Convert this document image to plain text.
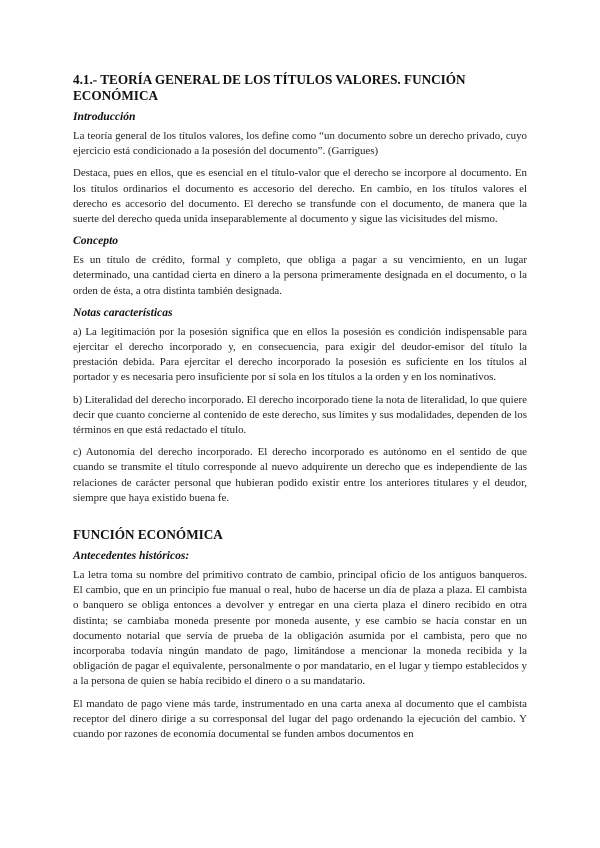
4.1.- TEORÍA GENERAL DE LOS TÍTULOS VALORES. FUNCIÓN ECONÓMICA
Introducción

La teoría general de los títulos valores, los define como “un documento sobre un derecho privado, cuyo ejercicio está condicionado a la posesión del documento”. (Garrigues)

Destaca, pues en ellos, que es esencial en el título-valor que el derecho se incorpore al documento. En los títulos ordinarios el documento es accesorio del derecho. En cambio, en los títulos valores el derecho es accesorio del documento. El derecho se transfunde con el documento, de manera que la suerte del derecho queda unida inseparablemente al documento y sigue las vicisitudes del mismo.

Concepto

Es un título de crédito, formal y completo, que obliga a pagar a su vencimiento, en un lugar determinado, una cantidad cierta en dinero a la persona primeramente designada en el documento, o la orden de ésta, a otra distinta también designada.

Notas características

a) La legitimación por la posesión significa que en ellos la posesión es condición indispensable para ejercitar el derecho incorporado y, en consecuencia, para exigir del deudor-emisor del título la prestación debida. Para ejercitar el derecho incorporado la posesión es suficiente en los títulos al portador y es necesaria pero insuficiente por sí sola en los títulos a la orden y en los nominativos.

b) Literalidad del derecho incorporado. El derecho incorporado tiene la nota de literalidad, lo que quiere decir que cuanto concierne al contenido de este derecho, sus límites y sus modalidades, dependen de los términos en que está redactado el título.

c) Autonomía del derecho incorporado. El derecho incorporado es autónomo en el sentido de que cuando se transmite el título corresponde al nuevo adquirente un derecho que es independiente de las relaciones de carácter personal que hubieran podido existir entre los anteriores titulares y el deudor, siempre que haya existido buena fe.

FUNCIÓN ECONÓMICA
Antecedentes históricos:

La letra toma su nombre del primitivo contrato de cambio, principal oficio de los antiguos banqueros. El cambio, que en un principio fue manual o real, hubo de hacerse un día de plaza a plaza. El cambista o banquero se obliga entonces a devolver y entregar en una cierta plaza el dinero recibido en otra distinta; se cambiaba moneda presente por moneda ausente, y ese cambio se hacía constar en un documento notarial que servía de prueba de la obligación asumida por el cambista, pero que no incorporaba todavía ningún mandato de pago, limitándose a mencionar la moneda recibida y la obligación de pagar el equivalente, personalmente o por mandatario, en el lugar y tiempo establecidos y a la persona de quien se había recibido el dinero o a su mandatario.

El mandato de pago viene más tarde, instrumentado en una carta anexa al documento que el cambista receptor del dinero dirige a su corresponsal del lugar del pago ordenando la ejecución del cambio. Y cuando por razones de economía documental se funden ambos documentos en
